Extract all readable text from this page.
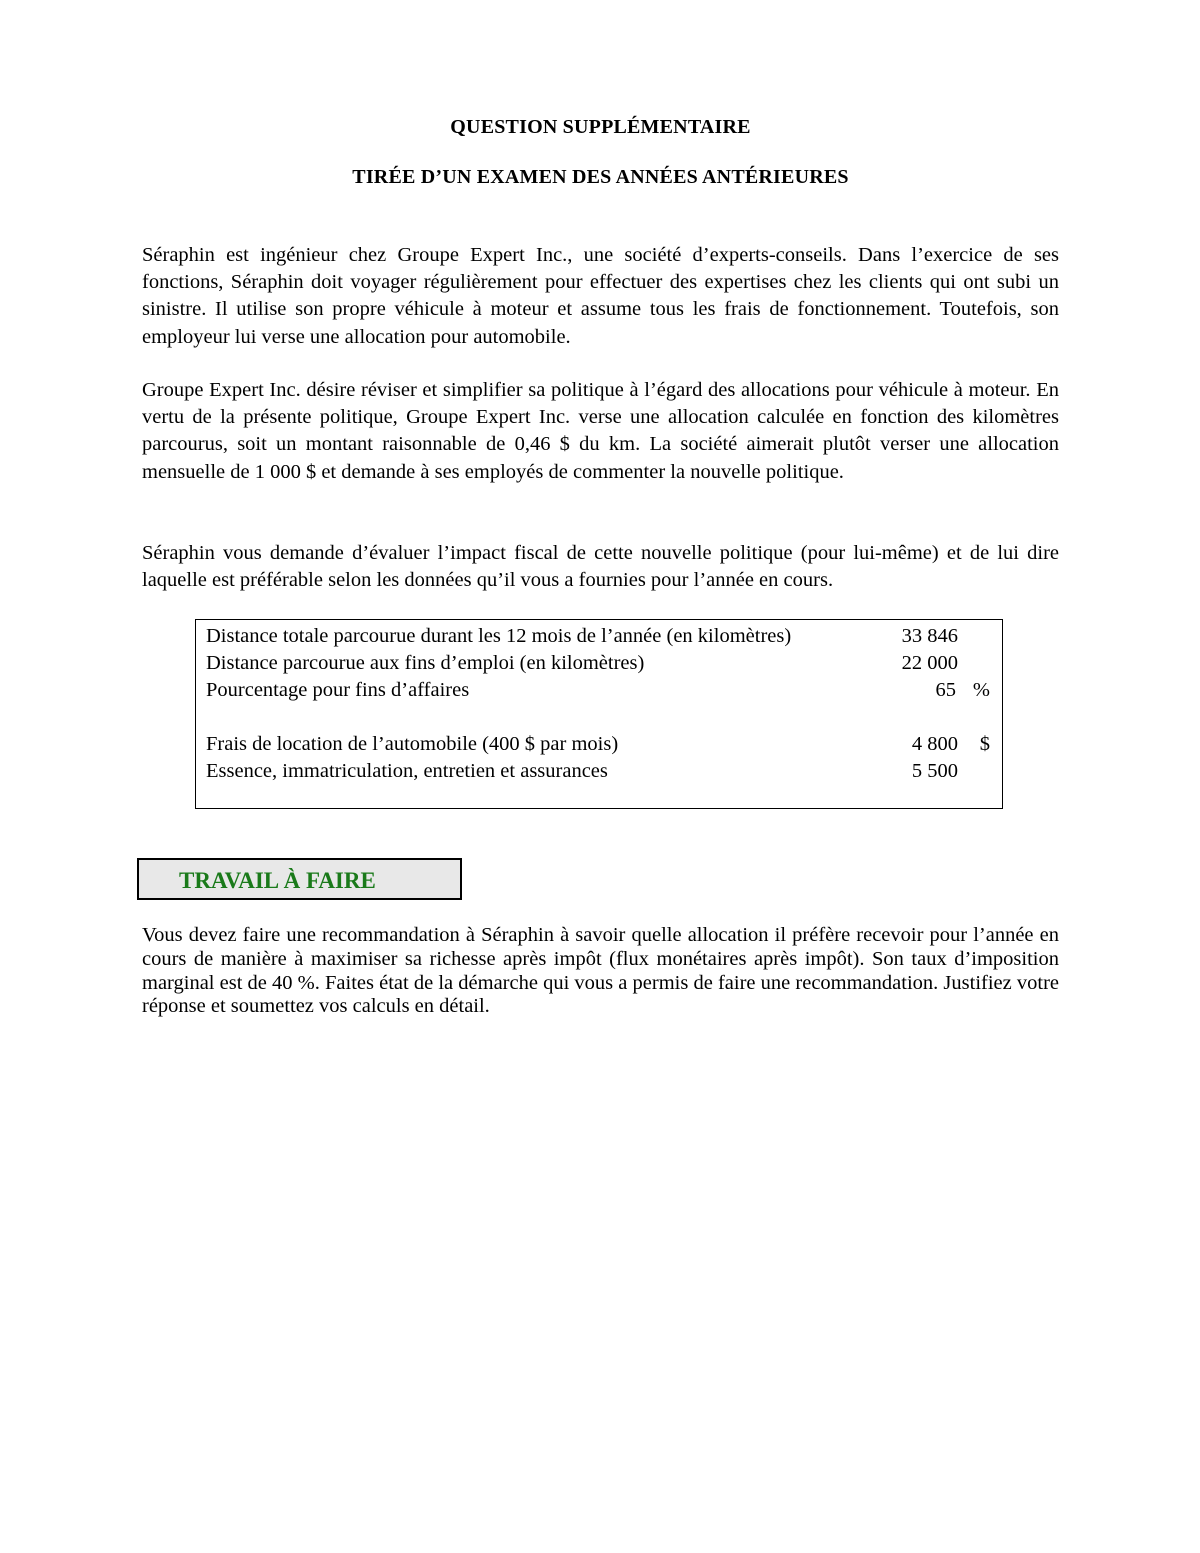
QUESTION SUPPLÉMENTAIRE
TIRÉE D’UN EXAMEN DES ANNÉES ANTÉRIEURES

Séraphin est ingénieur chez Groupe Expert Inc., une société d’experts-conseils. Dans l’exercice de ses fonctions, Séraphin doit voyager régulièrement pour effectuer des expertises chez les clients qui ont subi un sinistre. Il utilise son propre véhicule à moteur et assume tous les frais de fonctionnement. Toutefois, son employeur lui verse une allocation pour automobile.

Groupe Expert Inc. désire réviser et simplifier sa politique à l’égard des allocations pour véhicule à moteur. En vertu de la présente politique, Groupe Expert Inc. verse une allocation calculée en fonction des kilomètres parcourus, soit un montant raisonnable de 0,46 $ du km. La société aimerait plutôt verser une allocation mensuelle de 1 000 $ et demande à ses employés de commenter la nouvelle politique.

Séraphin vous demande d’évaluer l’impact fiscal de cette nouvelle politique (pour lui-même) et de lui dire laquelle est préférable selon les données qu’il vous a fournies pour l’année en cours.

Vous devez faire une recommandation à Séraphin à savoir quelle allocation il préfère recevoir pour l’année en cours de manière à maximiser sa richesse après impôt (flux monétaires après impôt). Son taux d’imposition marginal est de 40 %. Faites état de la démarche qui vous a permis de faire une recommandation. Justifiez votre réponse et soumettez vos calculs en détail.

Distance totale parcourue durant les 12 mois de l’année (en kilomètres)	33 846
Distance parcourue aux fins d’emploi (en kilomètres)	22 000
Pourcentage pour fins d’affaires	65 %
Frais de location de l’automobile (400 $ par mois)	4 800 $
Essence, immatriculation, entretien et assurances	5 500
TRAVAIL À FAIRE
